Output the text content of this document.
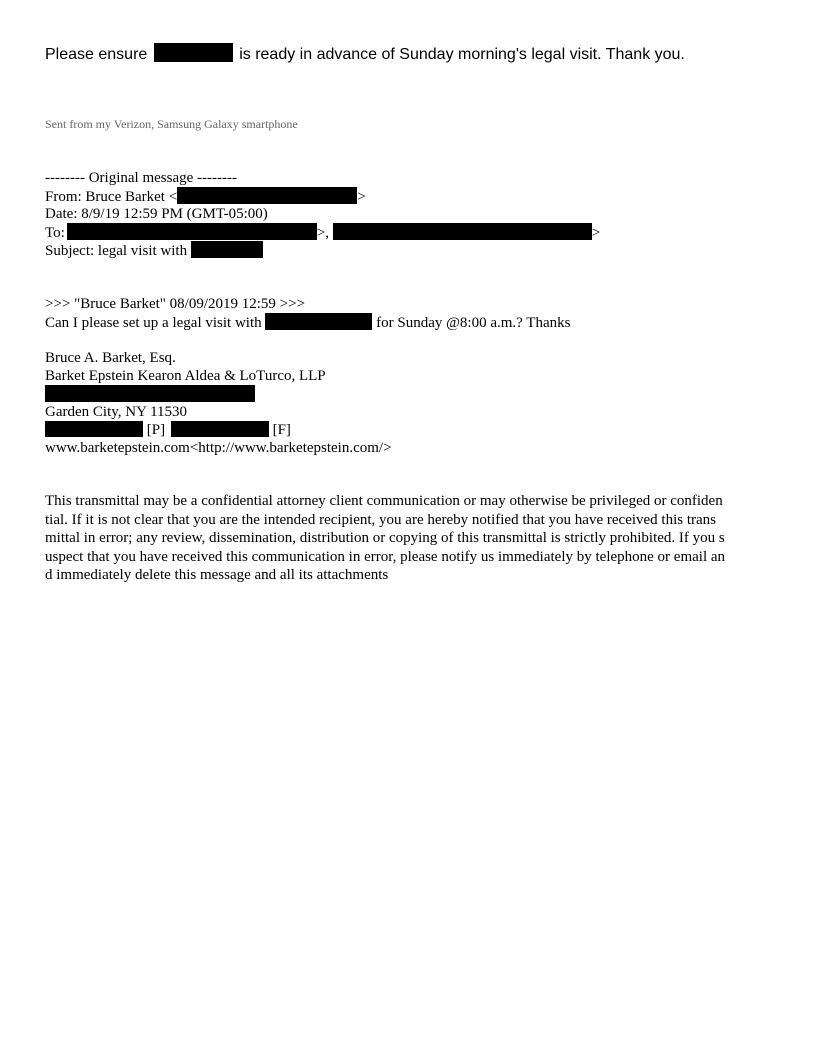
Please ensure	is ready in advance of Sunday morning's legal visit. Thank you.
Sent from my Verizon, Samsung Galaxy smartphone
-------- Original message --------
From: Bruce Barket <	>
Date: 8/9/19 12:59 PM (GMT-05:00)
To:	>,	>
Subject: legal visit with
>>> "Bruce Barket" 08/09/2019 12:59 >>>
Can I please set up a legal visit with	for Sunday @8:00 a.m.? Thanks
Bruce A. Barket, Esq.
Barket Epstein Kearon Aldea & LoTurco, LLP
Garden City, NY 11530
[P]	[F]
www.barketepstein.com<http://www.barketepstein.com/>
This transmittal may be a confidential attorney client communication or may otherwise be privileged or confiden
tial. If it is not clear that you are the intended recipient, you are hereby notified that you have received this trans
mittal in error; any review, dissemination, distribution or copying of this transmittal is strictly prohibited. If you s
uspect that you have received this communication in error, please notify us immediately by telephone or email an
d immediately delete this message and all its attachments
